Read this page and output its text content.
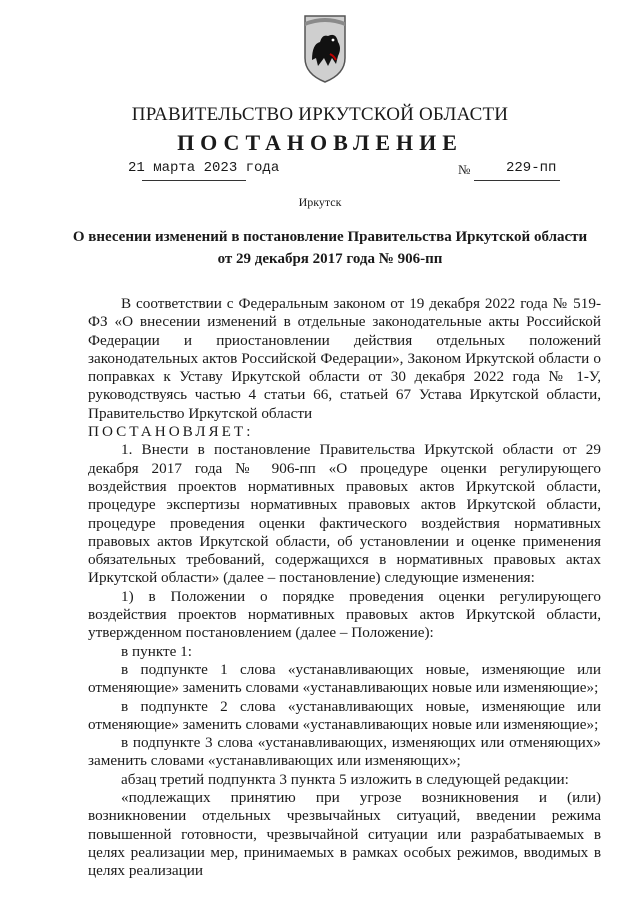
ПРАВИТЕЛЬСТВО ИРКУТСКОЙ ОБЛАСТИ
ПОСТАНОВЛЕНИЕ
21 марта 2023 года	№	229-пп
Иркутск
О внесении изменений в постановление Правительства Иркутской области
от 29 декабря 2017 года № 906-пп

В соответствии с Федеральным законом от 19 декабря 2022 года № 519-ФЗ «О внесении изменений в отдельные законодательные акты Российской Федерации и приостановлении действия отдельных положений законодательных актов Российской Федерации», Законом Иркутской области о поправках к Уставу Иркутской области от 30 декабря 2022 года № 1-У, руководствуясь частью 4 статьи 66, статьей 67 Устава Иркутской области, Правительство Иркутской области

ПОСТАНОВЛЯЕТ:

1. Внести в постановление Правительства Иркутской области от 29 декабря 2017 года № 906-пп «О процедуре оценки регулирующего воздействия проектов нормативных правовых актов Иркутской области, процедуре экспертизы нормативных правовых актов Иркутской области, процедуре проведения оценки фактического воздействия нормативных правовых актов Иркутской области, об установлении и оценке применения обязательных требований, содержащихся в нормативных правовых актах Иркутской области» (далее – постановление) следующие изменения:

1) в Положении о порядке проведения оценки регулирующего воздействия проектов нормативных правовых актов Иркутской области, утвержденном постановлением (далее – Положение):

в пункте 1:

в подпункте 1 слова «устанавливающих новые, изменяющие или отменяющие» заменить словами «устанавливающих новые или изменяющие»;

в подпункте 2 слова «устанавливающих новые, изменяющие или отменяющие» заменить словами «устанавливающих новые или изменяющие»;

в подпункте 3 слова «устанавливающих, изменяющих или отменяющих» заменить словами «устанавливающих или изменяющих»;

абзац третий подпункта 3 пункта 5 изложить в следующей редакции:

«подлежащих принятию при угрозе возникновения и (или) возникновении отдельных чрезвычайных ситуаций, введении режима повышенной готовности, чрезвычайной ситуации или разрабатываемых в целях реализации мер, принимаемых в рамках особых режимов, вводимых в целях реализации
